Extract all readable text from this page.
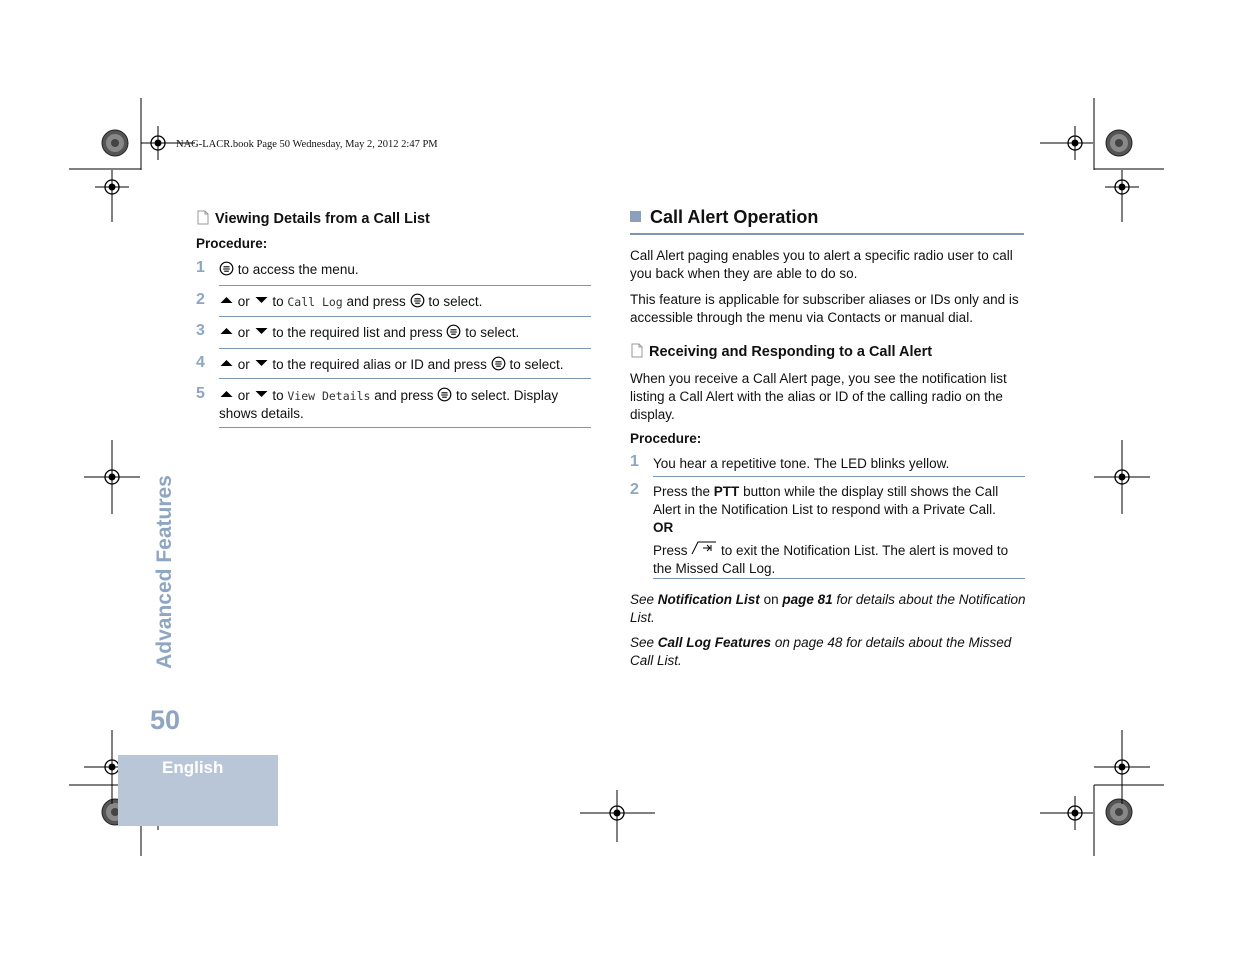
NAG-LACR.book Page 50 Wednesday, May 2, 2012 2:47 PM
Viewing Details from a Call List
Procedure:
1	to access the menu.
2	or to Call Log and press to select.
3	or to the required list and press to select.
4	or to the required alias or ID and press to select.
5	or to View Details and press to select. Display
shows details.
Call Alert Operation
Call Alert paging enables you to alert a specific radio user to call you back when they are able to do so.
This feature is applicable for subscriber aliases or IDs only and is accessible through the menu via Contacts or manual dial.
Receiving and Responding to a Call Alert
When you receive a Call Alert page, you see the notification list listing a Call Alert with the alias or ID of the calling radio on the display.
Procedure:
1	You hear a repetitive tone. The LED blinks yellow.
2	Press the PTT button while the display still shows the Call Alert in the Notification List to respond with a Private Call.
OR
Press to exit the Notification List. The alert is moved to the Missed Call Log.
See Notification List on page 81 for details about the Notification List.
See Call Log Features on page 48 for details about the Missed Call List.
Advanced Features
50
English
